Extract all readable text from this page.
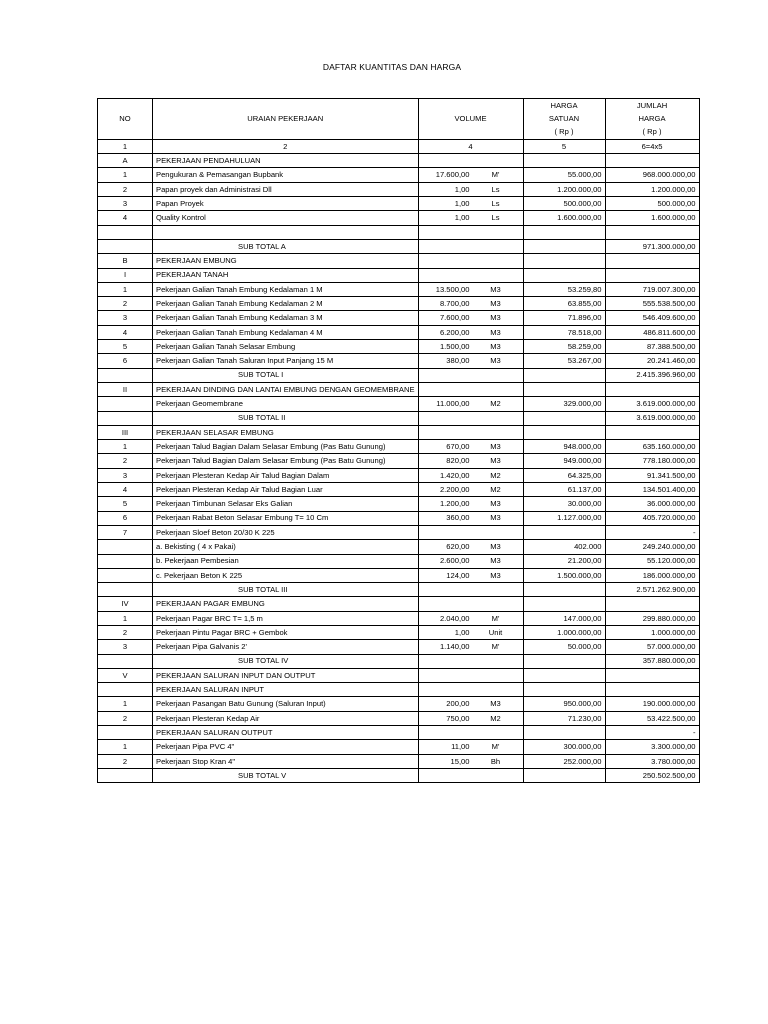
DAFTAR KUANTITAS DAN HARGA
			HARGA	JUMLAH
NO	URAIAN PEKERJAAN	VOLUME	SATUAN	HARGA
			( Rp )	( Rp )
1	2	4	5	6=4x5
A	PEKERJAAN PENDAHULUAN			
1	Pengukuran & Pemasangan Bupbank	17.600,00 M'	55.000,00	968.000.000,00
2	Papan proyek dan Administrasi Dll	1,00 Ls	1.200.000,00	1.200.000,00
3	Papan Proyek	1,00 Ls	500.000,00	500.000,00
4	Quality Kontrol	1,00 Ls	1.600.000,00	1.600.000,00

	SUB TOTAL A			971.300.000,00
B	PEKERJAAN EMBUNG			
I	PEKERJAAN TANAH			
1	Pekerjaan Galian Tanah Embung Kedalaman 1 M	13.500,00 M3	53.259,80	719.007.300,00
2	Pekerjaan Galian Tanah Embung Kedalaman 2 M	8.700,00 M3	63.855,00	555.538.500,00
3	Pekerjaan Galian Tanah Embung Kedalaman 3 M	7.600,00 M3	71.896,00	546.409.600,00
4	Pekerjaan Galian Tanah Embung Kedalaman 4 M	6.200,00 M3	78.518,00	486.811.600,00
5	Pekerjaan Galian Tanah Selasar Embung	1.500,00 M3	58.259,00	87.388.500,00
6	Pekerjaan Galian Tanah Saluran Input Panjang 15 M	380,00 M3	53.267,00	20.241.460,00
	SUB TOTAL I			2.415.396.960,00
II	PEKERJAAN DINDING DAN LANTAI EMBUNG DENGAN GEOMEMBRANE			
	Pekerjaan Geomembrane	11.000,00 M2	329.000,00	3.619.000.000,00
	SUB TOTAL II			3.619.000.000,00
III	PEKERJAAN SELASAR EMBUNG			
1	Pekerjaan Talud Bagian Dalam Selasar Embung (Pas Batu Gunung)	670,00 M3	948.000,00	635.160.000,00
2	Pekerjaan Talud Bagian Dalam Selasar Embung (Pas Batu Gunung)	820,00 M3	949.000,00	778.180.000,00
3	Pekerjaan Plesteran Kedap Air Talud Bagian Dalam	1.420,00 M2	64.325,00	91.341.500,00
4	Pekerjaan Plesteran Kedap Air Talud Bagian Luar	2.200,00 M2	61.137,00	134.501.400,00
5	Pekerjaan Timbunan Selasar Eks Galian	1.200,00 M3	30.000,00	36.000.000,00
6	Pekerjaan Rabat Beton Selasar Embung T= 10 Cm	360,00 M3	1.127.000,00	405.720.000,00
7	Pekerjaan Sloef Beton 20/30 K 225			-
	a. Bekisting ( 4 x Pakai)	620,00 M3	402.000	249.240.000,00
	b. Pekerjaan Pembesian	2.600,00 M3	21.200,00	55.120.000,00
	c. Pekerjaan Beton K 225	124,00 M3	1.500.000,00	186.000.000,00
	SUB TOTAL III			2.571.262.900,00
IV	PEKERJAAN PAGAR EMBUNG			
1	Pekerjaan Pagar BRC T= 1,5 m	2.040,00 M'	147.000,00	299.880.000,00
2	Pekerjaan Pintu Pagar BRC + Gembok	1,00 Unit	1.000.000,00	1.000.000,00
3	Pekerjaan Pipa Galvanis 2'	1.140,00 M'	50.000,00	57.000.000,00
	SUB TOTAL IV			357.880.000,00
V	PEKERJAAN SALURAN INPUT DAN OUTPUT			
	PEKERJAAN SALURAN INPUT			
1	Pekerjaan Pasangan Batu Gunung (Saluran Input)	200,00 M3	950.000,00	190.000.000,00
2	Pekerjaan Plesteran Kedap Air	750,00 M2	71.230,00	53.422.500,00
	PEKERJAAN SALURAN OUTPUT			-
1	Pekerjaan Pipa PVC 4"	11,00 M'	300.000,00	3.300.000,00
2	Pekerjaan Stop Kran 4"	15,00 Bh	252.000,00	3.780.000,00
	SUB TOTAL V			250.502.500,00
